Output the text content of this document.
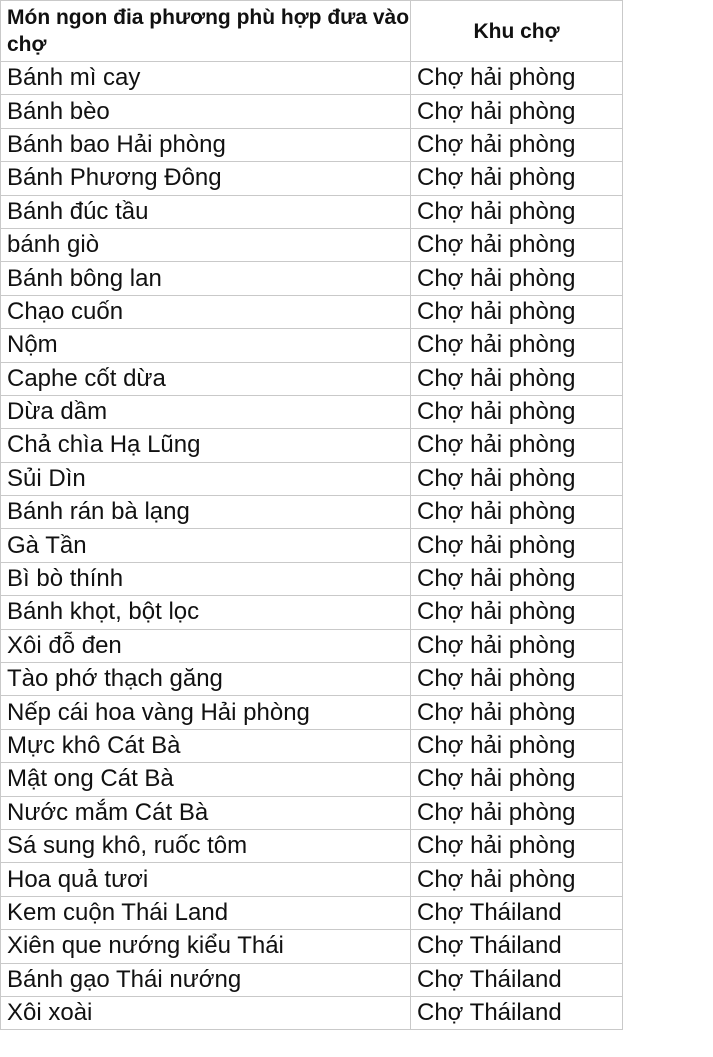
Món ngon đia phương phù hợp đưa vào chợ	Khu chợ
Bánh mì cay	Chợ hải phòng
Bánh bèo	Chợ hải phòng
Bánh bao Hải phòng	Chợ hải phòng
Bánh Phương Đông	Chợ hải phòng
Bánh đúc tầu	Chợ hải phòng
bánh giò	Chợ hải phòng
Bánh bông lan	Chợ hải phòng
Chạo cuốn	Chợ hải phòng
Nộm	Chợ hải phòng
Caphe cốt dừa	Chợ hải phòng
Dừa dầm	Chợ hải phòng
Chả chìa Hạ Lũng	Chợ hải phòng
Sủi Dìn	Chợ hải phòng
Bánh rán bà lạng	Chợ hải phòng
Gà Tần	Chợ hải phòng
Bì bò thính	Chợ hải phòng
Bánh khọt, bột lọc	Chợ hải phòng
Xôi đỗ đen	Chợ hải phòng
Tào phớ thạch găng	Chợ hải phòng
Nếp cái hoa vàng Hải phòng	Chợ hải phòng
Mực khô Cát Bà	Chợ hải phòng
Mật ong Cát Bà	Chợ hải phòng
Nước mắm Cát Bà	Chợ hải phòng
Sá sung khô, ruốc tôm	Chợ hải phòng
Hoa quả tươi	Chợ hải phòng
Kem cuộn Thái Land	Chợ Tháiland
Xiên que nướng kiểu Thái	Chợ Tháiland
Bánh gạo Thái nướng	Chợ Tháiland
Xôi xoài	Chợ Tháiland
